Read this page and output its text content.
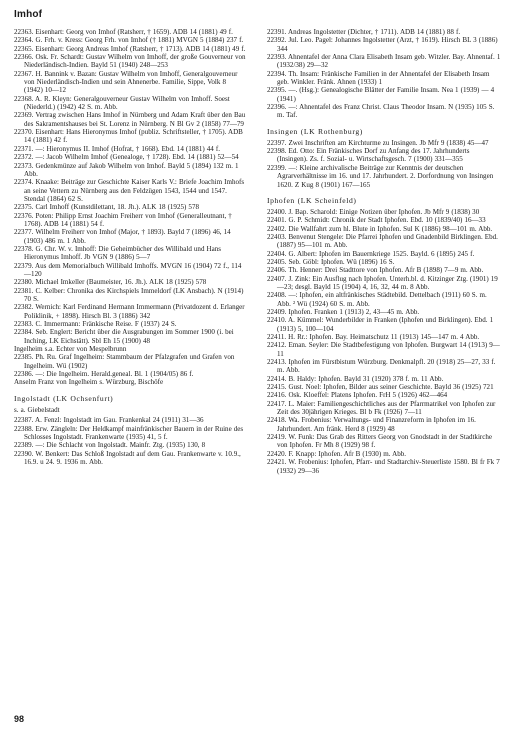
Imhof
22363. Eisenhart: Georg von Imhof (Ratsherr, † 1659). ADB 14 (1881) 49 f.
22364. G. Frh. v. Kress: Georg Frh. von Imhof († 1881) MVGN 5 (1884) 237 f.
22365. Eisenhart: Georg Andreas Imhof (Ratsherr, † 1713). ADB 14 (1881) 49 f.
22366. Osk. Fr. Schardt: Gustav Wilhelm von Imhoff, der große Gouverneur von Niederländisch-Indien. Bayld 51 (1940) 248—253
22367. H. Bannink v. Bazan: Gustav Wilhelm von Imhoff, Generalgouverneur von Niederländisch-Indien und sein Ahnenerbe. Familie, Sippe, Volk 8 (1942) 10—12
22368. A. R. Kleyn: Generalgouverneur Gustav Wilhelm von Imhoff. Soest (Niederld.) (1942) 42 S. m. Abb.
22369. Vertrag zwischen Hans Imhof in Nürnberg und Adam Kraft über den Bau des Sakramentshauses bei St. Lorenz in Nürnberg. N Bl Gv 2 (1858) 77—79
22370. Eisenhart: Hans Hieronymus Imhof (publiz. Schriftsteller, † 1705). ADB 14 (1881) 42 f.
22371. —: Hieronymus II. Imhof (Hofrat, † 1668). Ebd. 14 (1881) 44 f.
22372. —: Jacob Wilhelm Imhof (Genealoge, † 1728). Ebd. 14 (1881) 52—54
22373. Gedenkmünze auf Jakob Wilhelm von Imhof. Bayld 5 (1894) 132 m. 1 Abb.
22374. Knaake: Beiträge zur Geschichte Kaiser Karls V.: Briefe Joachim Imhofs an seine Vettern zu Nürnberg aus den Feldzügen 1543, 1544 und 1547. Stendal (1864) 62 S.
22375. Carl Imhoff (Kunstdilettant, 18. Jh.). ALK 18 (1925) 578
22376. Poten: Philipp Ernst Joachim Freiherr von Imhof (Generalleutnant, † 1768). ADB 14 (1881) 54 f.
22377. Wilhelm Freiherr von Imhof (Major, † 1893). Bayld 7 (1896) 46, 14 (1903) 486 m. 1 Abb.
22378. G. Chr. W. v. Imhoff: Die Geheimbücher des Willibald und Hans Hieronymus Imhoff. Jb VGN 9 (1886) 5—7
22379. Aus dem Memorialbuch Willibald Imhoffs. MVGN 16 (1904) 72 f., 114—120
22380. Michael Imkeller (Baumeister, 16. Jh.). ALK 18 (1925) 578
22381. C. Kelber: Chronika des Kirchspiels Immeldorf (LK Ansbach). N (1914) 70 S.
22382. Wernich: Karl Ferdinand Hermann Immermann (Privatdozent d. Erlanger Poliklinik, + 1898). Hirsch Bl. 3 (1886) 342
22383. C. Immermann: Fränkische Reise. F (1937) 24 S.
22384. Seb. Englert: Bericht über die Ausgrabungen im Sommer 1900 (i. bei Inching, LK Eichstätt). Sbl Eh 15 (1900) 48
Ingelheim s.a. Echter von Mespelbrunn
22385. Ph. Ru. Graf Ingelheim: Stammbaum der Pfalzgrafen und Grafen von Ingelheim. Wü (1902)
22386. —: Die Ingelheim. Herald.geneal. Bl. 1 (1904/05) 86 f.
Anselm Franz von Ingelheim s. Würzburg, Bischöfe
Ingolstadt (LK Ochsenfurt)
s. a. Giebelstadt
22387. A. Fenzl: Ingolstadt im Gau. Frankenkal 24 (1911) 31—36
22388. Erw. Zängleln: Der Heldkampf mainfränkischer Bauern in der Ruine des Schlosses Ingolstadt. Frankenwarte (1935) 41, 5 f.
22389. —: Die Schlacht von Ingolstadt. Mainfr. Ztg. (1935) 130, 8
22390. W. Benkert: Das Schloß Ingolstadt auf dem Gau. Frankenwarte v. 10.9., 16.9. u 24. 9. 1936 m. Abb.
22391. Andreas Ingolstetter (Dichter, † 1711). ADB 14 (1881) 88 f.
22392. Jul. Leo. Pagel: Johannes Ingolstetter (Arzt, † 1619). Hirsch BL 3 (1886) 344
22393. Ahnentafel der Anna Clara Elisabeth Insam geb. Witzler. Bay. Ahnentaf. 1 (1932/38) 29—32
22394. Th. Insam: Fränkische Familien in der Ahnentafel der Elisabeth Insam geb. Winkler. Fränk. Ahnen (1933) 1
22395. —. (Hsg.): Genealogische Blätter der Familie Insam. Nea 1 (1939) — 4 (1941)
22396. —: Ahnentafel des Franz Christ. Claus Theodor Insam. N (1935) 105 S. m. Taf.
Insingen (LK Rothenburg)
22397. Zwei Inschriften am Kirchturme zu Insingen. Jb Mfr 9 (1838) 45—47
22398. Ed. Otto: Ein Fränkisches Dorf zu Anfang des 17. Jahrhunderts (Insingen). Zs. f. Sozial- u. Wirtschaftsgesch. 7 (1900) 331—355
22399. —: Kleine archivalische Beiträge zur Kenntnis der deutschen Agrarverhältnisse im 16. und 17. Jahrhundert. 2. Dorfordnung von Insingen 1620. Z Kug 8 (1901) 167—165
Iphofen (LK Scheinfeld)
22400. J. Bap. Scharold: Einige Notizen über Iphofen. Jb Mfr 9 (1838) 30
22401. G. P. Schmidt: Chronik der Stadt Iphofen. Ebd. 10 (1839/40) 16—33
22402. Die Wallfahrt zum hl. Blute in Iphofen. Sul K (1886) 98—101 m. Abb.
22403. Benvenut Stengele: Die Pfarrei Iphofen und Gnadenbild Birklingen. Ebd. (1887) 95—101 m. Abb.
22404. G. Albert: Iphofen im Bauernkriege 1525. Bayld. 6 (1895) 245 f.
22405. Seb. Göbl: Iphofen. Wü (1896) 16 S.
22406. Th. Henner: Drei Stadttore von Iphofen. Afr B (1898) 7—9 m. Abb.
22407. J. Zink: Ein Ausflug nach Iphofen. Unterh.bl. d. Kitzinger Ztg. (1901) 19—23; desgl. Bayld 15 (1904) 4, 16, 32, 44 m. 8 Abb.
22408. —: Iphofen, ein altfränkisches Städtebild. Dettelbach (1911) 60 S. m. Abb. ² Wü (1924) 60 S. m. Abb.
22409. Iphofen. Franken 1 (1913) 2, 43—45 m. Abb.
22410. A. Kümmel: Wunderbilder in Franken (Iphofen und Birklingen). Ebd. 1 (1913) 5, 100—104
22411. H. Rr.: Iphofen. Bay. Heimatschutz 11 (1913) 145—147 m. 4 Abb.
22412. Eman. Seyler: Die Stadtbefestigung von Iphofen. Burgwart 14 (1913) 9—11
22413. Iphofen im Fürstbistum Würzburg. Denkmalpfl. 20 (1918) 25—27, 33 f. m. Abb.
22414. B. Haldy: Iphofen. Bayld 31 (1920) 378 f. m. 11 Abb.
22415. Gust. Noel: Iphofen, Bilder aus seiner Geschichte. Bayld 36 (1925) 721
22416. Osk. Kloeffel: Platens Iphofen. FrH 5 (1926) 462—464
22417. L. Maier: Familiengeschichtliches aus der Pfarrmatrikel von Iphofen zur Zeit des 30jährigen Krieges. Bl b Fk (1926) 7—11
22418. Wa. Frobenius: Verwaltungs- und Finanzreform in Iphofen im 16. Jahrhundert. Am fränk. Herd 8 (1929) 48
22419. W. Funk: Das Grab des Ritters Georg von Gnodstadt in der Stadtkirche von Iphofen. Fr Mh 8 (1929) 98 f.
22420. F. Knapp: Iphofen. Afr B (1930) m. Abb.
22421. W. Frobenius: Iphofen, Pfarr- und Stadtarchiv-Steuerliste 1580. Bl fr Fk 7 (1932) 29—36
98
